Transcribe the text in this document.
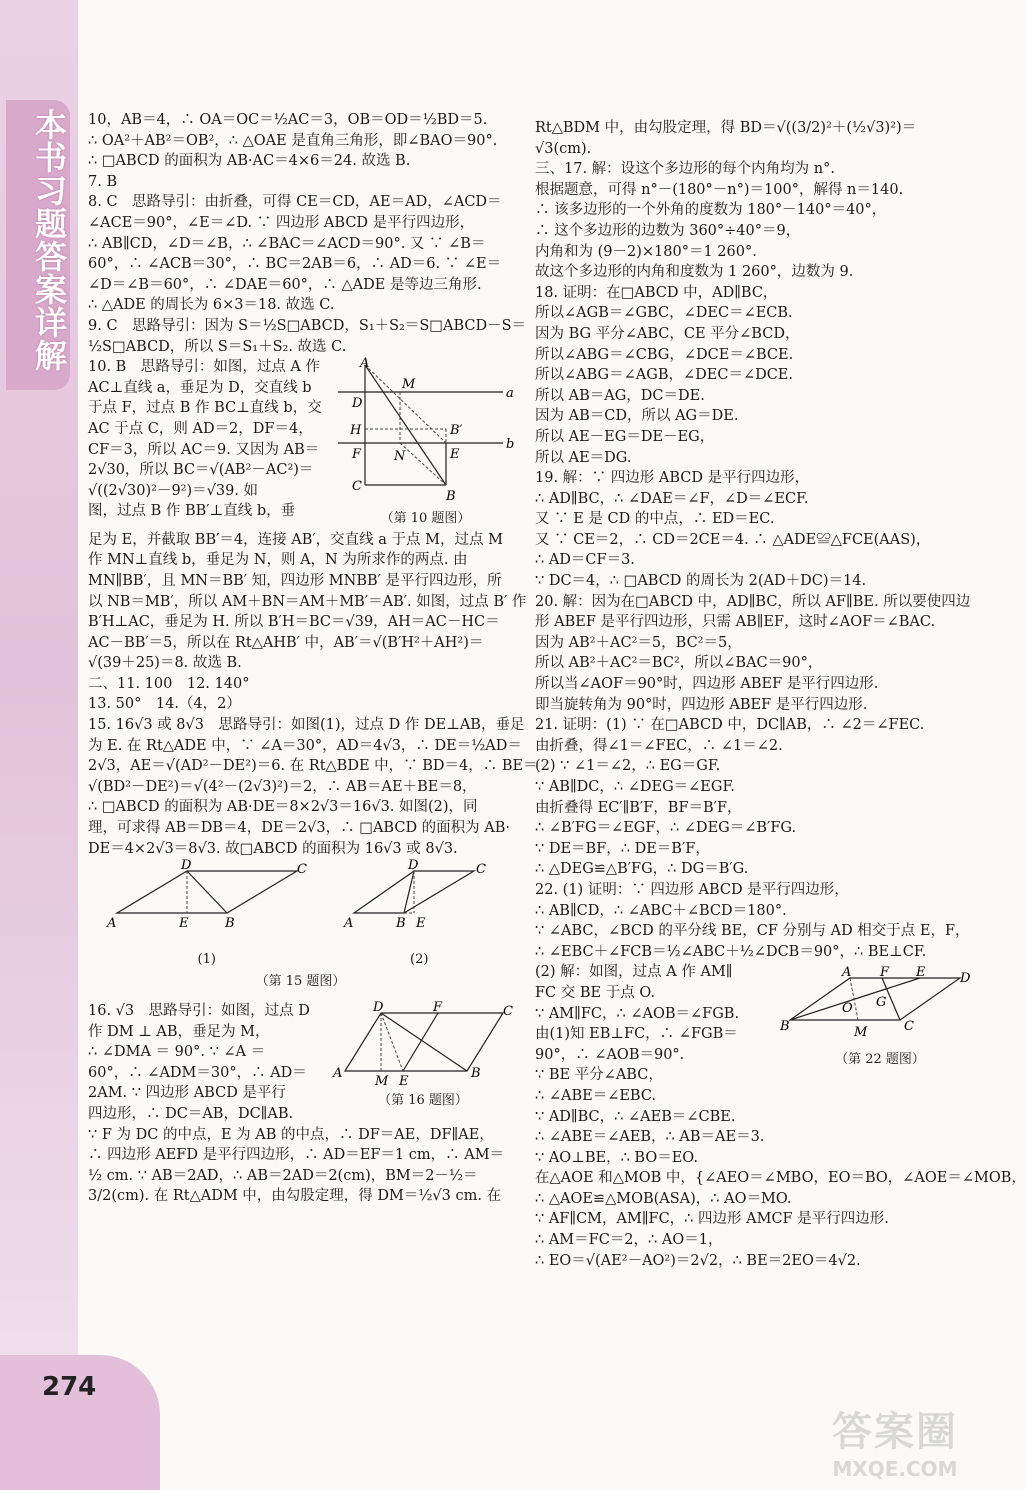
本书习题答案详解
274
10，AB＝4，∴ OA＝OC＝½AC＝3，OB＝OD＝½BD＝5.
∴ OA²＋AB²＝OB²，∴ △OAE 是直角三角形，即∠BAO＝90°.
∴ □ABCD 的面积为 AB·AC＝4×6＝24. 故选 B.
7. B
8. C　思路导引：由折叠，可得 CE＝CD，AE＝AD，∠ACD＝
∠ACE＝90°，∠E＝∠D. ∵ 四边形 ABCD 是平行四边形，
∴ AB∥CD，∠D＝∠B，∴ ∠BAC＝∠ACD＝90°. 又 ∵ ∠B＝
60°，∴ ∠ACB＝30°，∴ BC＝2AB＝6，∴ AD＝6. ∵ ∠E＝
∠D＝∠B＝60°，∴ ∠DAE＝60°，∴ △ADE 是等边三角形.
∴ △ADE 的周长为 6×3＝18. 故选 C.
9. C　思路导引：因为 S＝½S□ABCD，S₁＋S₂＝S□ABCD－S＝
½S□ABCD，所以 S＝S₁＋S₂. 故选 C.
10. B　思路导引：如图，过点 A 作
AC⊥直线 a，垂足为 D，交直线 b
于点 F，过点 B 作 BC⊥直线 b，交
AC 于点 C，则 AD＝2，DF＝4，
CF＝3，所以 AC＝9. 又因为 AB＝
2√30，所以 BC＝√(AB²－AC²)＝
√((2√30)²－9²)＝√39. 如
图，过点 B 作 BB′⊥直线 b，垂
A
M
D
H
F
C
B′
E
N
B
a
b
（第 10 题图）
足为 E，并截取 BB′＝4，连接 AB′，交直线 a 于点 M，过点 M
作 MN⊥直线 b，垂足为 N，则 A，N 为所求作的两点. 由
MN∥BB′，且 MN＝BB′ 知，四边形 MNBB′ 是平行四边形，所
以 NB＝MB′，所以 AM＋BN＝AM＋MB′＝AB′. 如图，过点 B′ 作
B′H⊥AC，垂足为 H. 所以 B′H＝BC＝√39，AH＝AC－HC＝
AC－BB′＝5，所以在 Rt△AHB′ 中，AB′＝√(B′H²＋AH²)＝
√(39＋25)＝8. 故选 B.
二、11. 100　12. 140°
13. 50°　14.（4，2）
15. 16√3 或 8√3　思路导引：如图(1)，过点 D 作 DE⊥AB，垂足
为 E. 在 Rt△ADE 中，∵ ∠A＝30°，AD＝4√3，∴ DE＝½AD＝
2√3，AE＝√(AD²－DE²)＝6. 在 Rt△BDE 中，∵ BD＝4，∴ BE＝
√(BD²－DE²)＝√(4²－(2√3)²)＝2，∴ AB＝AE＋BE＝8，
∴ □ABCD 的面积为 AB·DE＝8×2√3＝16√3. 如图(2)，同
理，可求得 AB＝DB＝4，DE＝2√3，∴ □ABCD 的面积为 AB·
DE＝4×2√3＝8√3. 故□ABCD 的面积为 16√3 或 8√3.
A
D	C
E	B
(1)
A
D	C
B E
(2)
（第 15 题图）
16. √3　思路导引：如图，过点 D
作 DM ⊥ AB，垂足为 M，
∴ ∠DMA ＝ 90°. ∵ ∠A ＝
60°，∴ ∠ADM＝30°，∴ AD＝
2AM. ∵ 四边形 ABCD 是平行
四边形，∴ DC＝AB，DC∥AB.
D	F	C
A
M E
B
（第 16 题图）
∵ F 为 DC 的中点，E 为 AB 的中点，∴ DF＝AE，DF∥AE，
∴ 四边形 AEFD 是平行四边形，∴ AD＝EF＝1 cm，∴ AM＝
½ cm. ∵ AB＝2AD，∴ AB＝2AD＝2(cm)，BM＝2－½＝
3/2(cm). 在 Rt△ADM 中，由勾股定理，得 DM＝½√3 cm. 在
Rt△BDM 中，由勾股定理，得 BD＝√((3/2)²＋(½√3)²)＝
√3(cm).
三、17. 解：设这个多边形的每个内角均为 n°.
根据题意，可得 n°－(180°－n°)＝100°，解得 n＝140.
∴ 该多边形的一个外角的度数为 180°－140°＝40°，
∴ 这个多边形的边数为 360°÷40°＝9，
内角和为 (9－2)×180°＝1 260°.
故这个多边形的内角和度数为 1 260°，边数为 9.
18. 证明：在□ABCD 中，AD∥BC，
所以∠AGB＝∠GBC，∠DEC＝∠ECB.
因为 BG 平分∠ABC，CE 平分∠BCD，
所以∠ABG＝∠CBG，∠DCE＝∠BCE.
所以∠ABG＝∠AGB，∠DEC＝∠DCE.
所以 AB＝AG，DC＝DE.
因为 AB＝CD，所以 AG＝DE.
所以 AE－EG＝DE－EG，
所以 AE＝DG.
19. 解：∵ 四边形 ABCD 是平行四边形，
∴ AD∥BC，∴ ∠DAE＝∠F，∠D＝∠ECF.
又 ∵ E 是 CD 的中点，∴ ED＝EC.
又 ∵ CE＝2，∴ CD＝2CE＝4. ∴ △ADE≌△FCE(AAS)，
∴ AD＝CF＝3.
∵ DC＝4，∴ □ABCD 的周长为 2(AD＋DC)＝14.
20. 解：因为在□ABCD 中，AD∥BC，所以 AF∥BE. 所以要使四边
形 ABEF 是平行四边形，只需 AB∥EF，这时∠AOF＝∠BAC.
因为 AB²＋AC²＝5，BC²＝5，
所以 AB²＋AC²＝BC²，所以∠BAC＝90°，
所以当∠AOF＝90°时，四边形 ABEF 是平行四边形.
即当旋转角为 90°时，四边形 ABEF 是平行四边形.
21. 证明：(1) ∵ 在□ABCD 中，DC∥AB，∴ ∠2＝∠FEC.
由折叠，得∠1＝∠FEC，∴ ∠1＝∠2.
(2) ∵ ∠1＝∠2，∴ EG＝GF.
∵ AB∥DC，∴ ∠DEG＝∠EGF.
由折叠得 EC′∥B′F，BF＝B′F，
∴ ∠B′FG＝∠EGF，∴ ∠DEG＝∠B′FG.
∵ DE＝BF，∴ DE＝B′F，
∴ △DEG≌△B′FG，∴ DG＝B′G.
22. (1) 证明：∵ 四边形 ABCD 是平行四边形，
∴ AB∥CD，∴ ∠ABC＋∠BCD＝180°.
∵ ∠ABC，∠BCD 的平分线 BE，CF 分别与 AD 相交于点 E，F，
∴ ∠EBC＋∠FCB＝½∠ABC＋½∠DCB＝90°，∴ BE⊥CF.
(2) 解：如图，过点 A 作 AM∥
FC 交 BE 于点 O.
∵ AM∥FC，∴ ∠AOB＝∠FGB.
由(1)知 EB⊥FC，∴ ∠FGB＝
90°，∴ ∠AOB＝90°.
∵ BE 平分∠ABC，
∴ ∠ABE＝∠EBC.
∵ AD∥BC，∴ ∠AEB＝∠CBE.
∴ ∠ABE＝∠AEB，∴ AB＝AE＝3.
∵ AO⊥BE，∴ BO＝EO.
A F E	D
O G
B	M	C
（第 22 题图）
在△AOE 和△MOB 中，{∠AEO＝∠MBO，EO＝BO，∠AOE＝∠MOB，
∴ △AOE≌△MOB(ASA)，∴ AO＝MO.
∵ AF∥CM，AM∥FC，∴ 四边形 AMCF 是平行四边形.
∴ AM＝FC＝2，∴ AO＝1，
∴ EO＝√(AE²－AO²)＝2√2，∴ BE＝2EO＝4√2.
答案圈
MXQE.COM
